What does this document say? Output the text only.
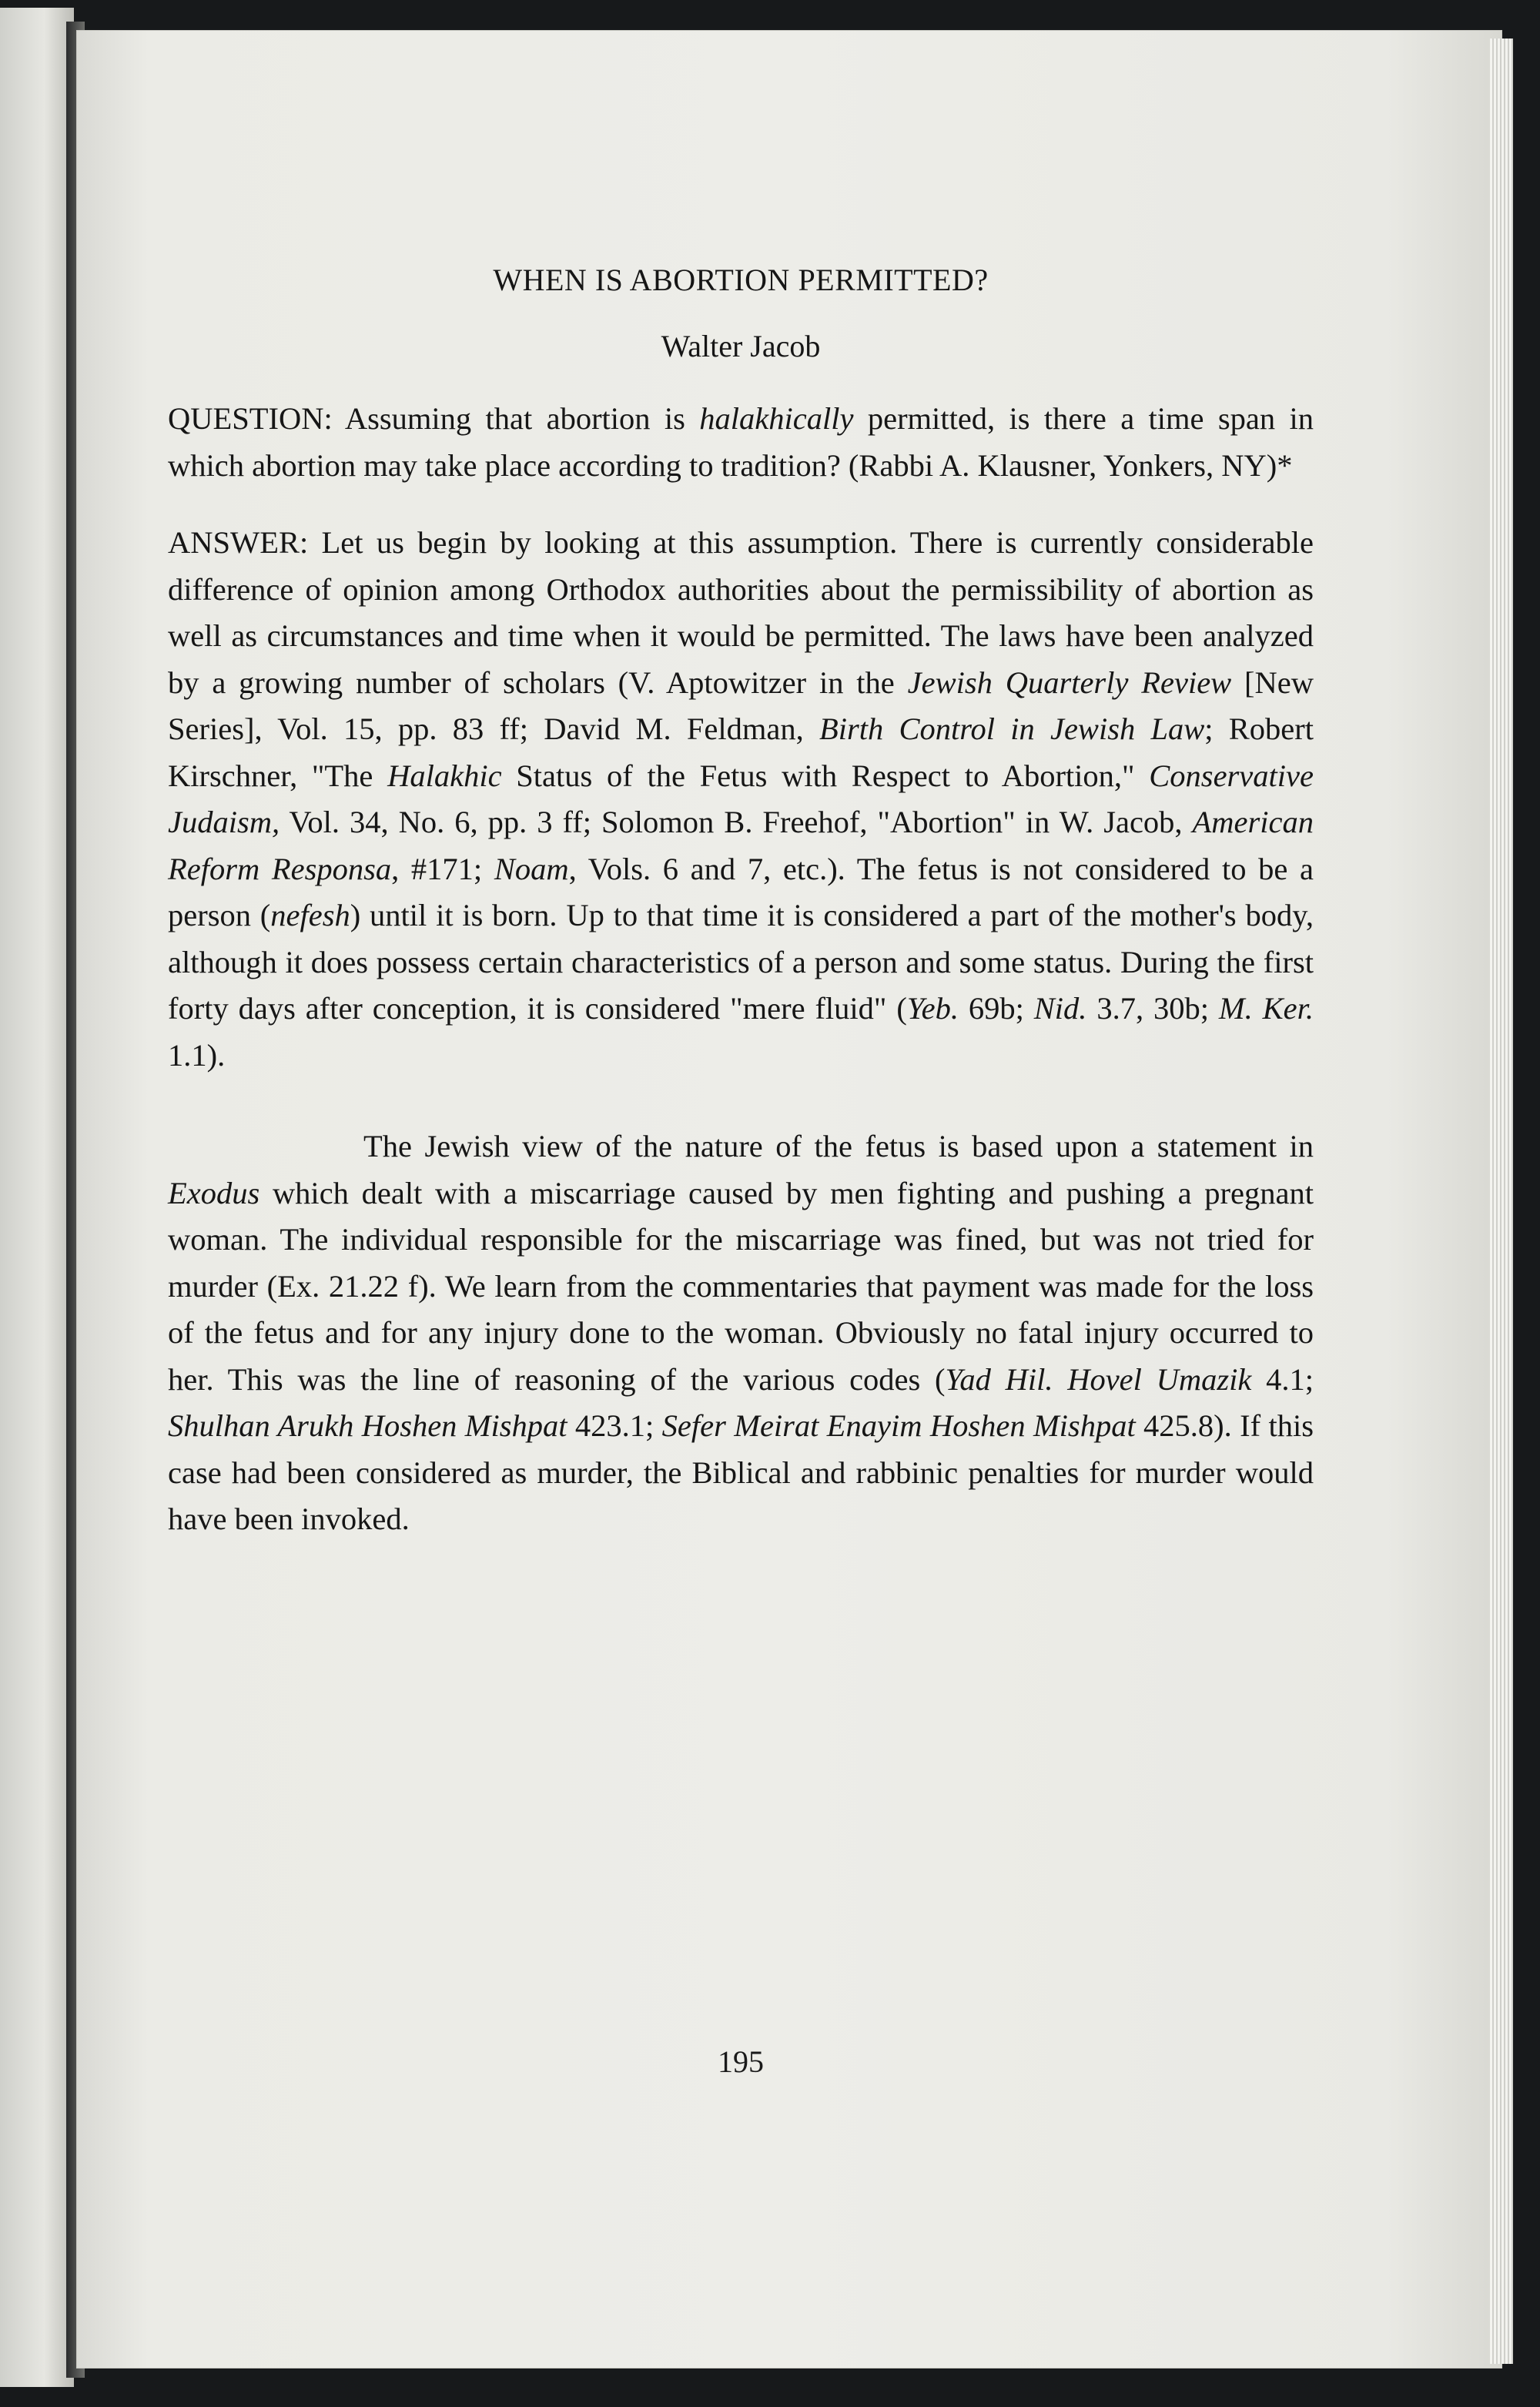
WHEN IS ABORTION PERMITTED?
Walter Jacob

QUESTION: Assuming that abortion is halakhically permitted, is there a time span in which abortion may take place according to tradition? (Rabbi A. Klausner, Yonkers, NY)*

ANSWER: Let us begin by looking at this assumption. There is currently considerable difference of opinion among Orthodox authorities about the permissibility of abortion as well as circumstances and time when it would be permitted. The laws have been analyzed by a growing number of scholars (V. Aptowitzer in the Jewish Quarterly Review [New Series], Vol. 15, pp. 83 ff; David M. Feldman, Birth Control in Jewish Law; Robert Kirschner, "The Halakhic Status of the Fetus with Respect to Abortion," Conservative Judaism, Vol. 34, No. 6, pp. 3 ff; Solomon B. Freehof, "Abortion" in W. Jacob, American Reform Responsa, #171; Noam, Vols. 6 and 7, etc.). The fetus is not considered to be a person (nefesh) until it is born. Up to that time it is considered a part of the mother's body, although it does possess certain characteristics of a person and some status. During the first forty days after conception, it is considered "mere fluid" (Yeb. 69b; Nid. 3.7, 30b; M. Ker. 1.1).

The Jewish view of the nature of the fetus is based upon a statement in Exodus which dealt with a miscarriage caused by men fighting and pushing a pregnant woman. The individual responsible for the miscarriage was fined, but was not tried for murder (Ex. 21.22 f). We learn from the commentaries that payment was made for the loss of the fetus and for any injury done to the woman. Obviously no fatal injury occurred to her. This was the line of reasoning of the various codes (Yad Hil. Hovel Umazik 4.1; Shulhan Arukh Hoshen Mishpat 423.1; Sefer Meirat Enayim Hoshen Mishpat 425.8). If this case had been considered as murder, the Biblical and rabbinic penalties for murder would have been invoked.

195
